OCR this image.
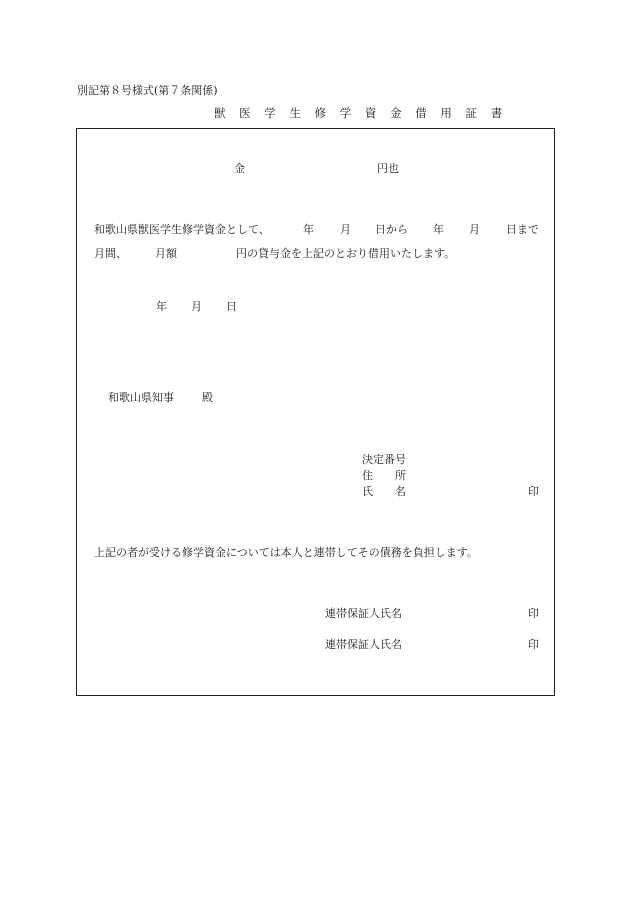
別記第８号様式(第７条関係)
獣 医 学 生 修 学 資 金 借 用 証 書
金	円也
和歌山県獣医学生修学資金として、	年 月 日から 年 月 日まで
月間、	月額	円の貸与金を上記のとおり借用いたします。
年 月 日
和歌山県知事	殿
決定番号
住　　所
氏　　名	印
上記の者が受ける修学資金については本人と連帯してその債務を負担します。
連帯保証人氏名	印
連帯保証人氏名	印
